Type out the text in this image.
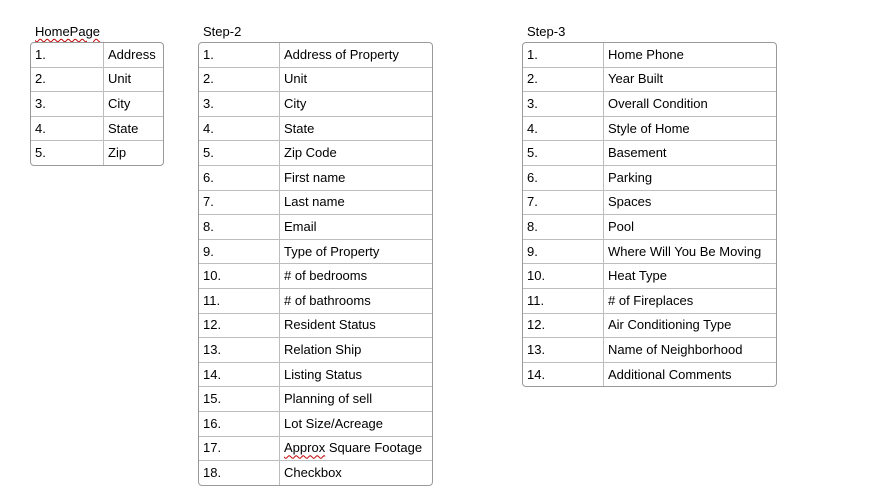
HomePage
1.	Address
2.	Unit
3.	City
4.	State
5.	Zip
Step-2
1.	Address of Property
2.	Unit
3.	City
4.	State
5.	Zip Code
6.	First name
7.	Last name
8.	Email
9.	Type of Property
10.	# of bedrooms
11.	# of bathrooms
12.	Resident Status
13.	Relation Ship
14.	Listing Status
15.	Planning of sell
16.	Lot Size/Acreage
17.	Approx Square Footage
18.	Checkbox
Step-3
1.	Home Phone
2.	Year Built
3.	Overall Condition
4.	Style of Home
5.	Basement
6.	Parking
7.	Spaces
8.	Pool
9.	Where Will You Be Moving
10.	Heat Type
11.	# of Fireplaces
12.	Air Conditioning Type
13.	Name of Neighborhood
14.	Additional Comments
